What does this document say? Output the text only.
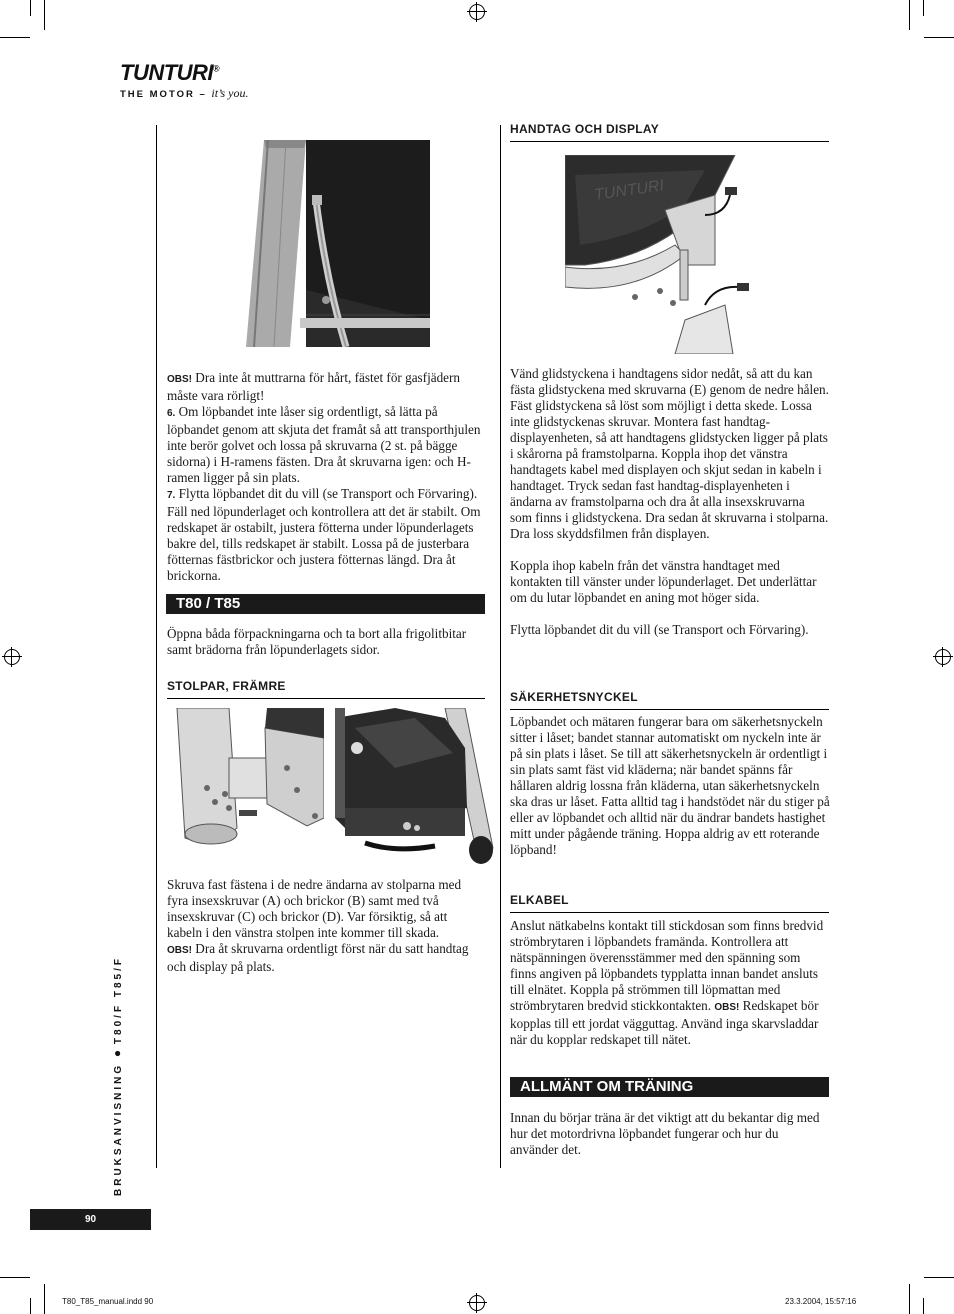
TUNTURI®
THE MOTOR – it’s you.

OBS! Dra inte åt muttrarna för hårt, fästet för gasfjädern måste vara rörligt!

6. Om löpbandet inte låser sig ordentligt, så lätta på löpbandet genom att skjuta det framåt så att transporthjulen inte berör golvet och lossa på skruvarna (2 st. på bägge sidorna) i H-ramens fästen. Dra åt skruvarna igen: och H-ramen ligger på sin plats.

7. Flytta löpbandet dit du vill (se Transport och Förvaring). Fäll ned löpunderlaget och kontrollera att det är stabilt. Om redskapet är ostabilt, justera fötterna under löpunderlagets bakre del, tills redskapet är stabilt. Lossa på de justerbara fötternas fästbrickor och justera fötternas längd. Dra åt brickorna.

T80 / T85

Öppna båda förpackningarna och ta bort alla frigolitbitar samt brädorna från löpunderlagets sidor.

STOLPAR, FRÄMRE

Skruva fast fästena i de nedre ändarna av stolparna med fyra insexskruvar (A) och brickor (B) samt med två insexskruvar (C) och brickor (D). Var försiktig, så att kabeln i den vänstra stolpen inte kommer till skada.

OBS! Dra åt skruvarna ordentligt först när du satt handtag och display på plats.

HANDTAG OCH DISPLAY
TUNTURI

Vänd glidstyckena i handtagens sidor nedåt, så att du kan fästa glidstyckena med skruvarna (E) genom de nedre hålen. Fäst glidstyckena så löst som möjligt i detta skede. Lossa inte glidstyckenas skruvar. Montera fast handtag-displayenheten, så att handtagens glidstycken ligger på plats i skårorna på framstolparna. Koppla ihop det vänstra handtagets kabel med displayen och skjut sedan in kabeln i handtaget. Tryck sedan fast handtag-displayenheten i ändarna av framstolparna och dra åt alla insexskruvarna som finns i glidstyckena. Dra sedan åt skruvarna i stolparna. Dra loss skyddsfilmen från displayen.

Koppla ihop kabeln från det vänstra handtaget med kontakten till vänster under löpunderlaget. Det underlättar om du lutar löpbandet en aning mot höger sida.

Flytta löpbandet dit du vill (se Transport och Förvaring).

SÄKERHETSNYCKEL

Löpbandet och mätaren fungerar bara om säkerhetsnyckeln sitter i låset; bandet stannar automatiskt om nyckeln inte är på sin plats i låset. Se till att säkerhetsnyckeln är ordentligt i sin plats samt fäst vid kläderna; när bandet spänns får hållaren aldrig lossna från kläderna, utan säkerhetsnyckeln ska dras ur låset. Fatta alltid tag i handstödet när du stiger på eller av löpbandet och alltid när du ändrar bandets hastighet mitt under pågående träning. Hoppa aldrig av ett roterande löpband!

ELKABEL

Anslut nätkabelns kontakt till stickdosan som finns bredvid strömbrytaren i löpbandets framända. Kontrollera att nätspänningen överensstämmer med den spänning som finns angiven på löpbandets typplatta innan bandet ansluts till elnätet. Koppla på strömmen till löpmattan med strömbrytaren bredvid stickkontakten. OBS! Redskapet bör kopplas till ett jordat vägguttag. Använd inga skarvsladdar när du kopplar redskapet till nätet.

ALLMÄNT OM TRÄNING

Innan du börjar träna är det viktigt att du bekantar dig med hur det motordrivna löpbandet fungerar och hur du använder det.

BRUKSANVISNING ● T80/F T85/F
90
T80_T85_manual.indd 90	23.3.2004, 15:57:16
